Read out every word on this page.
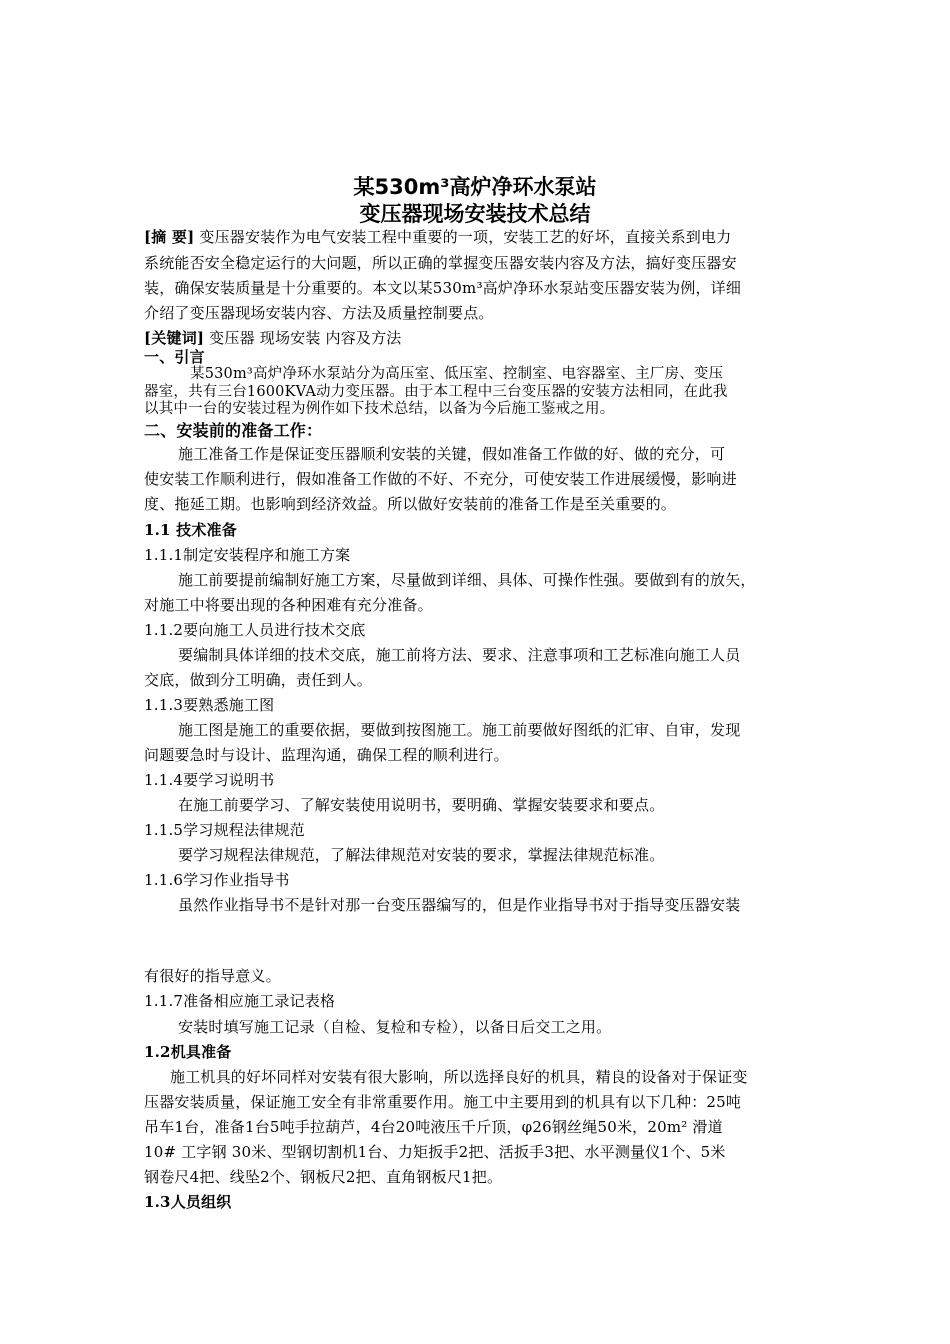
某530m³高炉净环水泵站
变压器现场安装技术总结
[摘 要] 变压器安装作为电气安装工程中重要的一项，安装工艺的好坏，直接关系到电力
系统能否安全稳定运行的大问题，所以正确的掌握变压器安装内容及方法，搞好变压器安
装，确保安装质量是十分重要的。本文以某530m³高炉净环水泵站变压器安装为例，详细
介绍了变压器现场安装内容、方法及质量控制要点。
[关键词] 变压器 现场安装 内容及方法
一、引言
某530m³高炉净环水泵站分为高压室、低压室、控制室、电容器室、主厂房、变压
器室，共有三台1600KVA动力变压器。由于本工程中三台变压器的安装方法相同，在此我
以其中一台的安装过程为例作如下技术总结，以备为今后施工鉴戒之用。
二、安装前的准备工作：
施工准备工作是保证变压器顺利安装的关键，假如准备工作做的好、做的充分，可
使安装工作顺利进行，假如准备工作做的不好、不充分，可使安装工作进展缓慢，影响进
度、拖延工期。也影响到经济效益。所以做好安装前的准备工作是至关重要的。
1.1 技术准备
1.1.1制定安装程序和施工方案
施工前要提前编制好施工方案，尽量做到详细、具体、可操作性强。要做到有的放矢，
对施工中将要出现的各种困难有充分准备。
1.1.2要向施工人员进行技术交底
要编制具体详细的技术交底，施工前将方法、要求、注意事项和工艺标准向施工人员
交底，做到分工明确，责任到人。
1.1.3要熟悉施工图
施工图是施工的重要依据，要做到按图施工。施工前要做好图纸的汇审、自审，发现
问题要急时与设计、监理沟通，确保工程的顺利进行。
1.1.4要学习说明书
在施工前要学习、了解安装使用说明书，要明确、掌握安装要求和要点。
1.1.5学习规程法律规范
要学习规程法律规范，了解法律规范对安装的要求，掌握法律规范标准。
1.1.6学习作业指导书
虽然作业指导书不是针对那一台变压器编写的，但是作业指导书对于指导变压器安装
有很好的指导意义。
1.1.7准备相应施工录记表格
安装时填写施工记录（自检、复检和专检），以备日后交工之用。
1.2机具准备
施工机具的好坏同样对安装有很大影响，所以选择良好的机具，精良的设备对于保证变
压器安装质量，保证施工安全有非常重要作用。施工中主要用到的机具有以下几种：25吨
吊车1台，准备1台5吨手拉葫芦，4台20吨液压千斤顶，φ26钢丝绳50米，20m² 滑道
10# 工字钢 30米、型钢切割机1台、力矩扳手2把、活扳手3把、水平测量仪1个、5米
钢卷尺4把、线坠2个、钢板尺2把、直角钢板尺1把。
1.3人员组织
